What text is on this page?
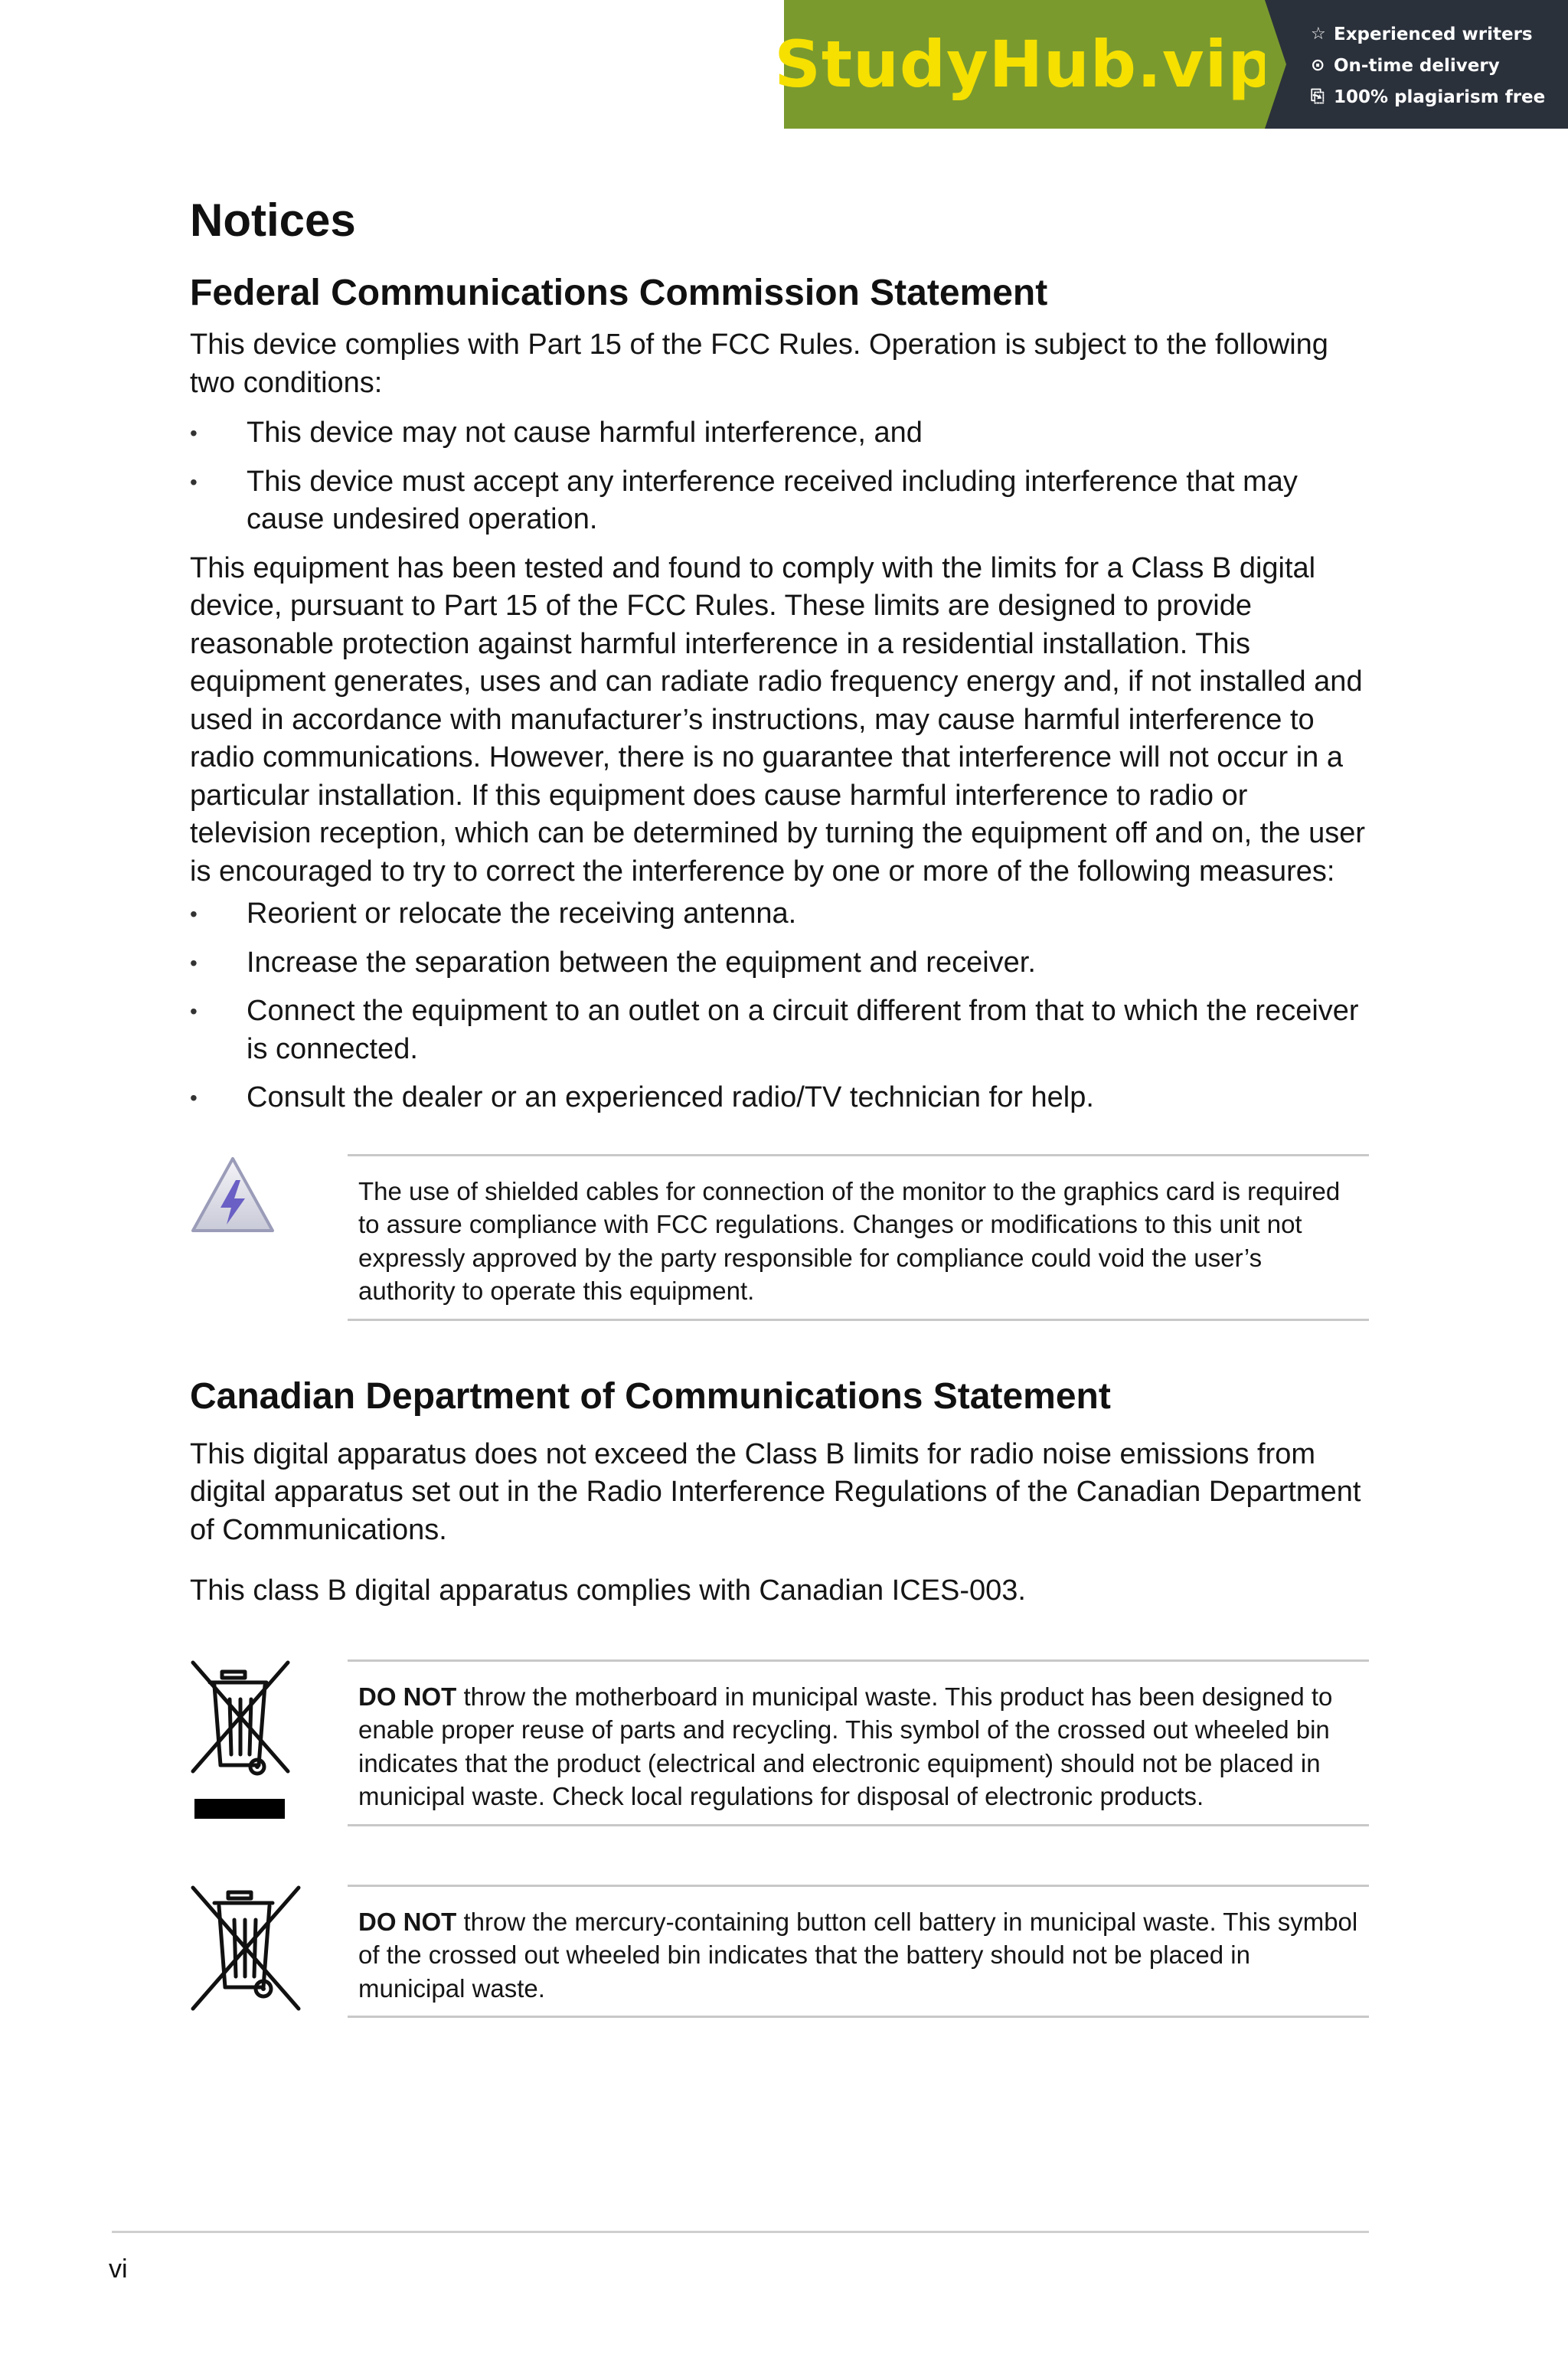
StudyHub.vip ☆ Experienced writers
⊙ On-time delivery
⎘ 100% plagiarism free
Notices
Federal Communications Commission Statement

This device complies with Part 15 of the FCC Rules. Operation is subject to the following two conditions:

• This device may not cause harmful interference, and
• This device must accept any interference received including interference that may cause undesired operation.

This equipment has been tested and found to comply with the limits for a Class B digital device, pursuant to Part 15 of the FCC Rules. These limits are designed to provide reasonable protection against harmful interference in a residential installation. This equipment generates, uses and can radiate radio frequency energy and, if not installed and used in accordance with manufacturer’s instructions, may cause harmful interference to radio communications. However, there is no guarantee that interference will not occur in a particular installation. If this equipment does cause harmful interference to radio or television reception, which can be determined by turning the equipment off and on, the user is encouraged to try to correct the interference by one or more of the following measures:

• Reorient or relocate the receiving antenna.
• Increase the separation between the equipment and receiver.
• Connect the equipment to an outlet on a circuit different from that to which the receiver is connected.
• Consult the dealer or an experienced radio/TV technician for help.

The use of shielded cables for connection of the monitor to the graphics card is required to assure compliance with FCC regulations. Changes or modifications to this unit not expressly approved by the party responsible for compliance could void the user’s authority to operate this equipment.

Canadian Department of Communications Statement

This digital apparatus does not exceed the Class B limits for radio noise emissions from digital apparatus set out in the Radio Interference Regulations of the Canadian Department of Communications.

This class B digital apparatus complies with Canadian ICES-003.

DO NOT throw the motherboard in municipal waste. This product has been designed to enable proper reuse of parts and recycling. This symbol of the crossed out wheeled bin indicates that the product (electrical and electronic equipment) should not be placed in municipal waste. Check local regulations for disposal of electronic products.

DO NOT throw the mercury-containing button cell battery in municipal waste. This symbol of the crossed out wheeled bin indicates that the battery should not be placed in municipal waste.

vi
